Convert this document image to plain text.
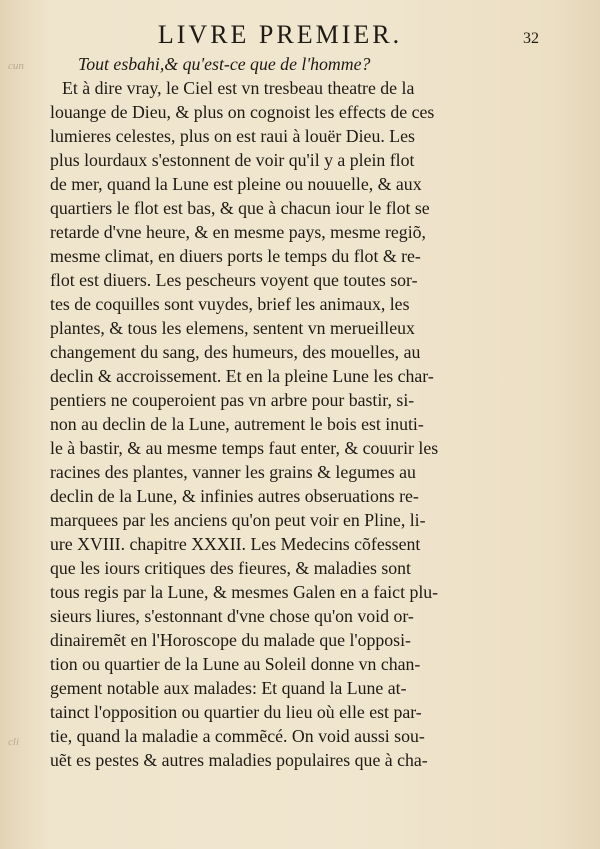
LIVRE PREMIER.	32
cun
cli
Tout esbahi,& qu'est-ce que de l'homme?
Et à dire vray, le Ciel est vn tresbeau theatre de la
louange de Dieu, & plus on cognoist les effects de ces
lumieres celestes, plus on est raui à louër Dieu. Les
plus lourdaux s'estonnent de voir qu'il y a plein flot
de mer, quand la Lune est pleine ou nouuelle, & aux
quartiers le flot est bas, & que à chacun iour le flot se
retarde d'vne heure, & en mesme pays, mesme regiõ,
mesme climat, en diuers ports le temps du flot & re-
flot est diuers. Les pescheurs voyent que toutes sor-
tes de coquilles sont vuydes, brief les animaux, les
plantes, & tous les elemens, sentent vn merueilleux
changement du sang, des humeurs, des mouelles, au
declin & accroissement. Et en la pleine Lune les char-
pentiers ne couperoient pas vn arbre pour bastir, si-
non au declin de la Lune, autrement le bois est inuti-
le à bastir, & au mesme temps faut enter, & couurir les
racines des plantes, vanner les grains & legumes au
declin de la Lune, & infinies autres obseruations re-
marquees par les anciens qu'on peut voir en Pline, li-
ure XVIII. chapitre XXXII. Les Medecins cõfessent
que les iours critiques des fieures, & maladies sont
tous regis par la Lune, & mesmes Galen en a faict plu-
sieurs liures, s'estonnant d'vne chose qu'on void or-
dinairemẽt en l'Horoscope du malade que l'opposi-
tion ou quartier de la Lune au Soleil donne vn chan-
gement notable aux malades: Et quand la Lune at-
tainct l'opposition ou quartier du lieu où elle est par-
tie, quand la maladie a commẽcé. On void aussi sou-
uẽt es pestes & autres maladies populaires que à cha-
